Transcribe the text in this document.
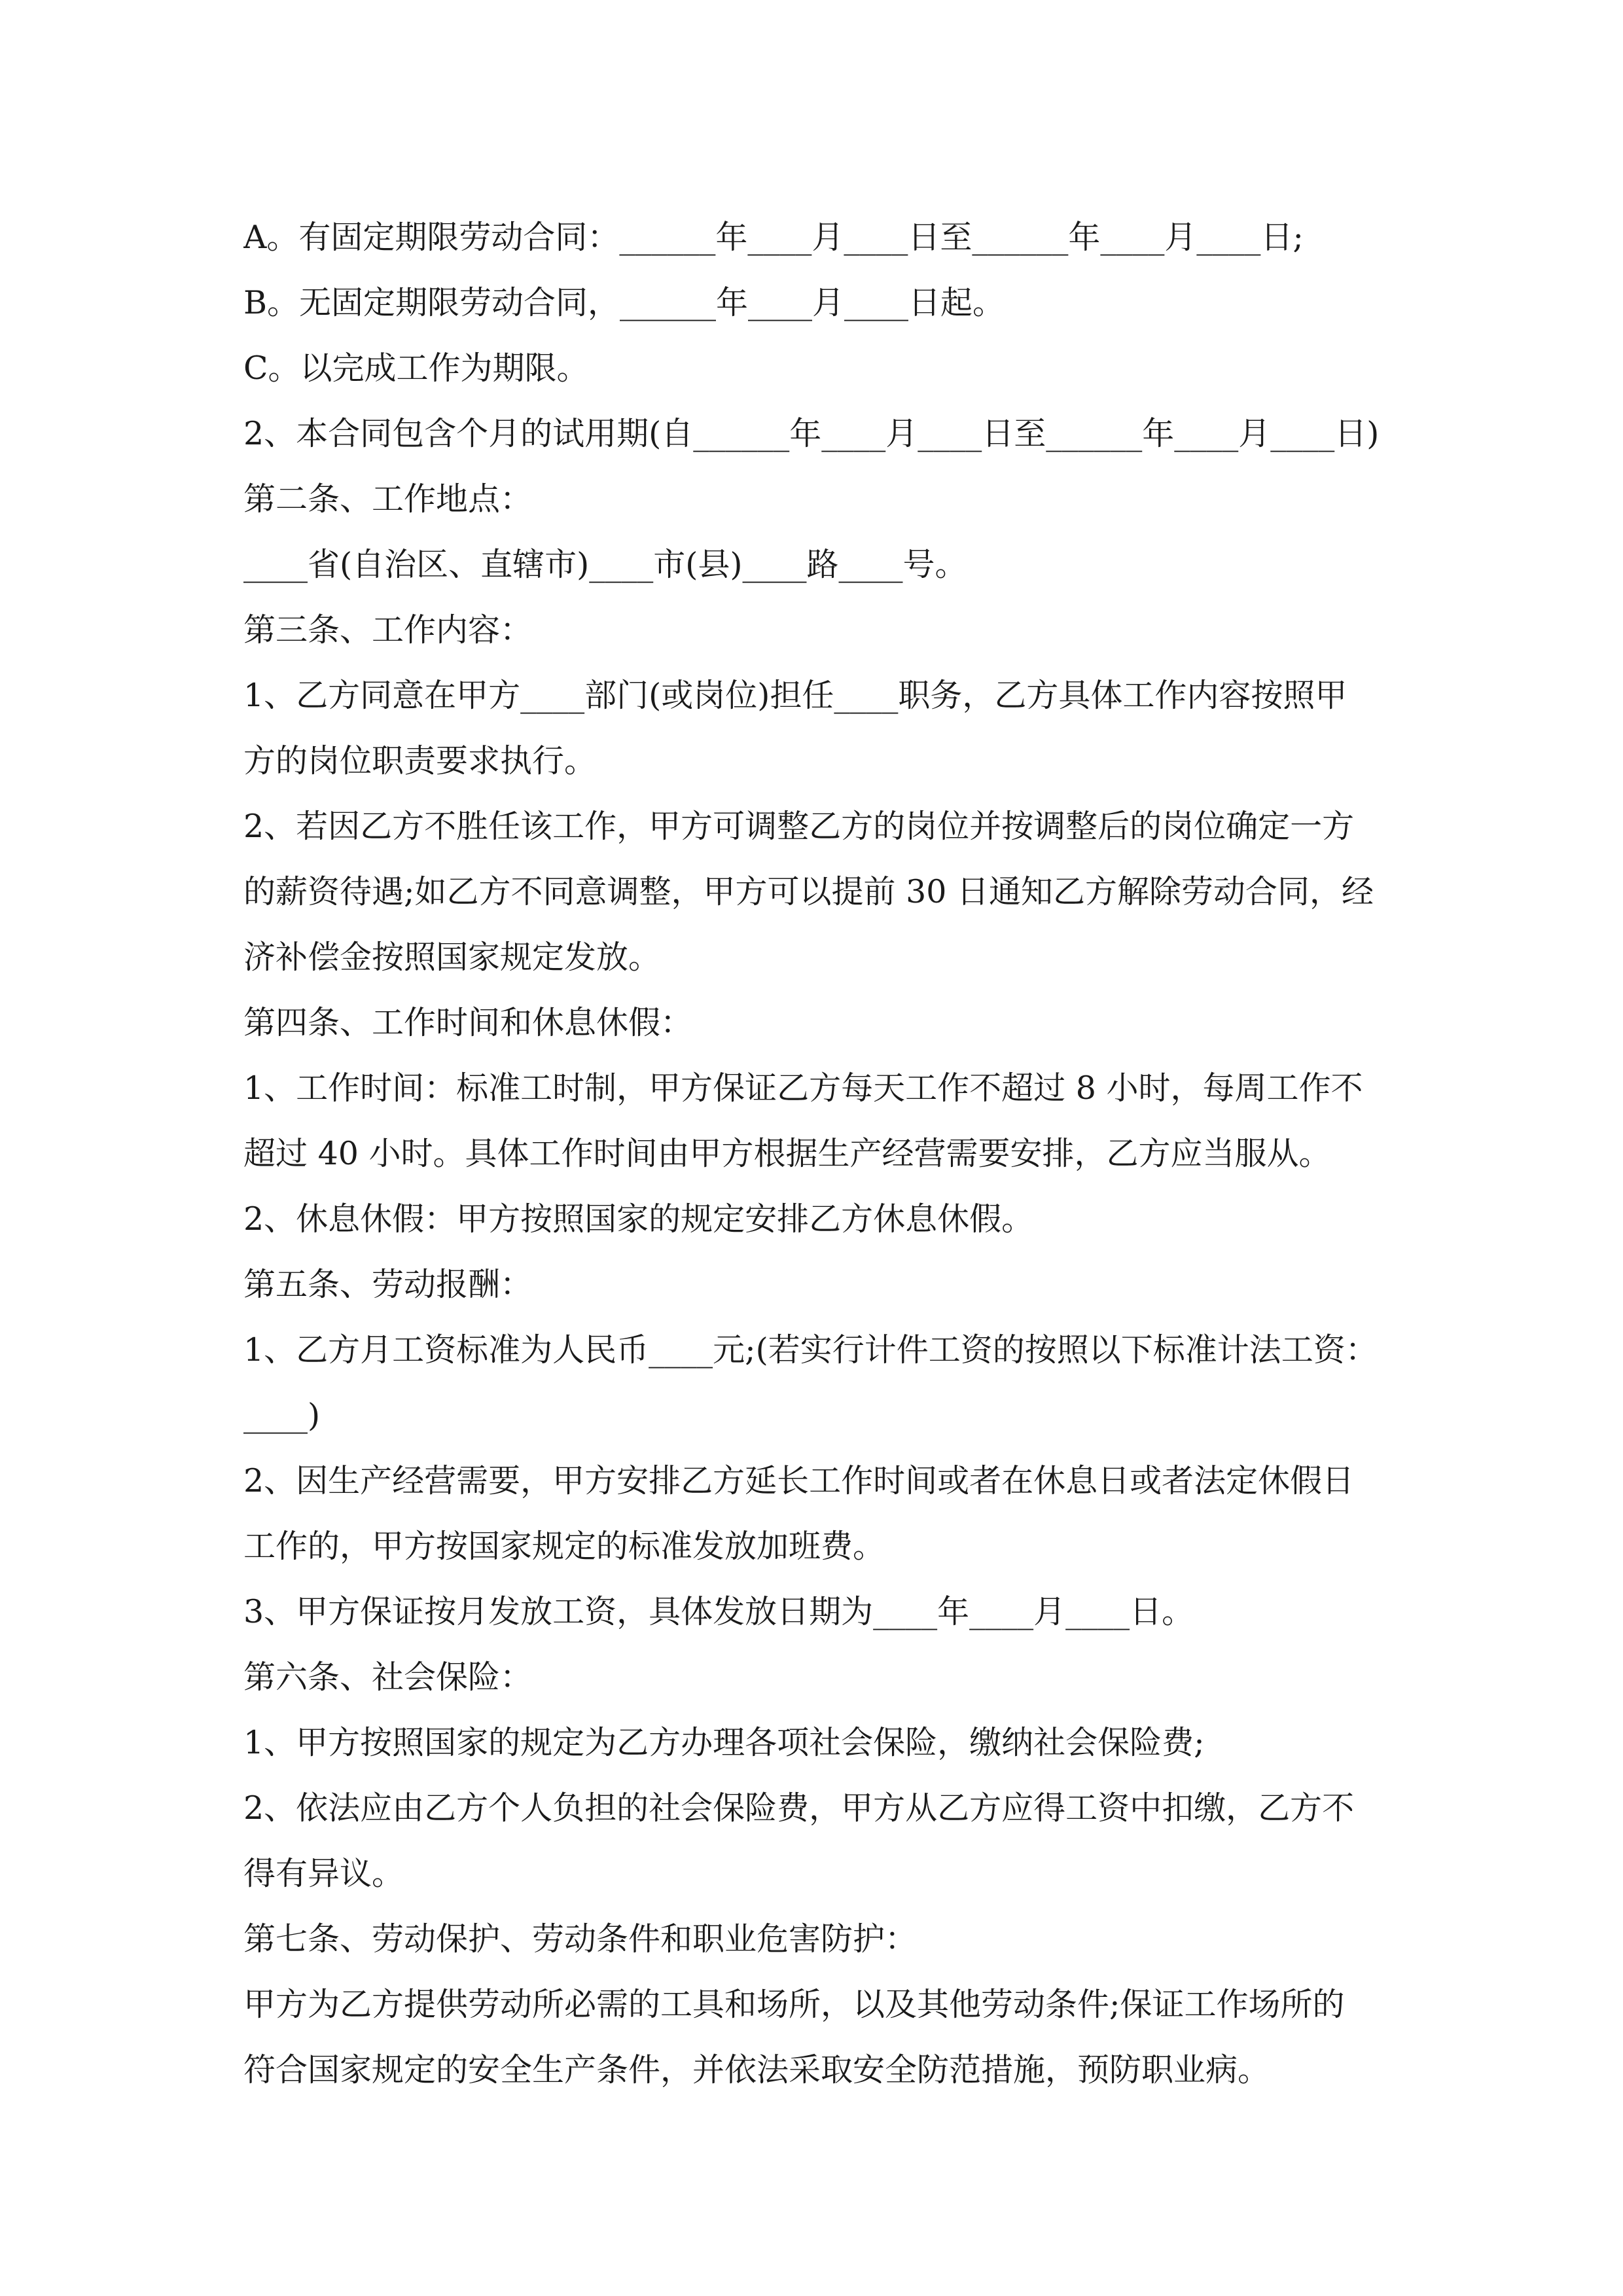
A。有固定期限劳动合同：______年____月____日至______年____月____日;
B。无固定期限劳动合同，______年____月____日起。
C。以完成工作为期限。
2、本合同包含个月的试用期(自______年____月____日至______年____月____日)
第二条、工作地点：
____省(自治区、直辖市)____市(县)____路____号。
第三条、工作内容：
1、乙方同意在甲方____部门(或岗位)担任____职务，乙方具体工作内容按照甲
方的岗位职责要求执行。
2、若因乙方不胜任该工作，甲方可调整乙方的岗位并按调整后的岗位确定一方
的薪资待遇;如乙方不同意调整，甲方可以提前 30 日通知乙方解除劳动合同，经
济补偿金按照国家规定发放。
第四条、工作时间和休息休假：
1、工作时间：标准工时制，甲方保证乙方每天工作不超过 8 小时，每周工作不
超过 40 小时。具体工作时间由甲方根据生产经营需要安排，乙方应当服从。
2、休息休假：甲方按照国家的规定安排乙方休息休假。
第五条、劳动报酬：
1、乙方月工资标准为人民币____元;(若实行计件工资的按照以下标准计法工资：
____)
2、因生产经营需要，甲方安排乙方延长工作时间或者在休息日或者法定休假日
工作的，甲方按国家规定的标准发放加班费。
3、甲方保证按月发放工资，具体发放日期为____年____月____日。
第六条、社会保险：
1、甲方按照国家的规定为乙方办理各项社会保险，缴纳社会保险费;
2、依法应由乙方个人负担的社会保险费，甲方从乙方应得工资中扣缴，乙方不
得有异议。
第七条、劳动保护、劳动条件和职业危害防护：
甲方为乙方提供劳动所必需的工具和场所，以及其他劳动条件;保证工作场所的
符合国家规定的安全生产条件，并依法采取安全防范措施，预防职业病。
